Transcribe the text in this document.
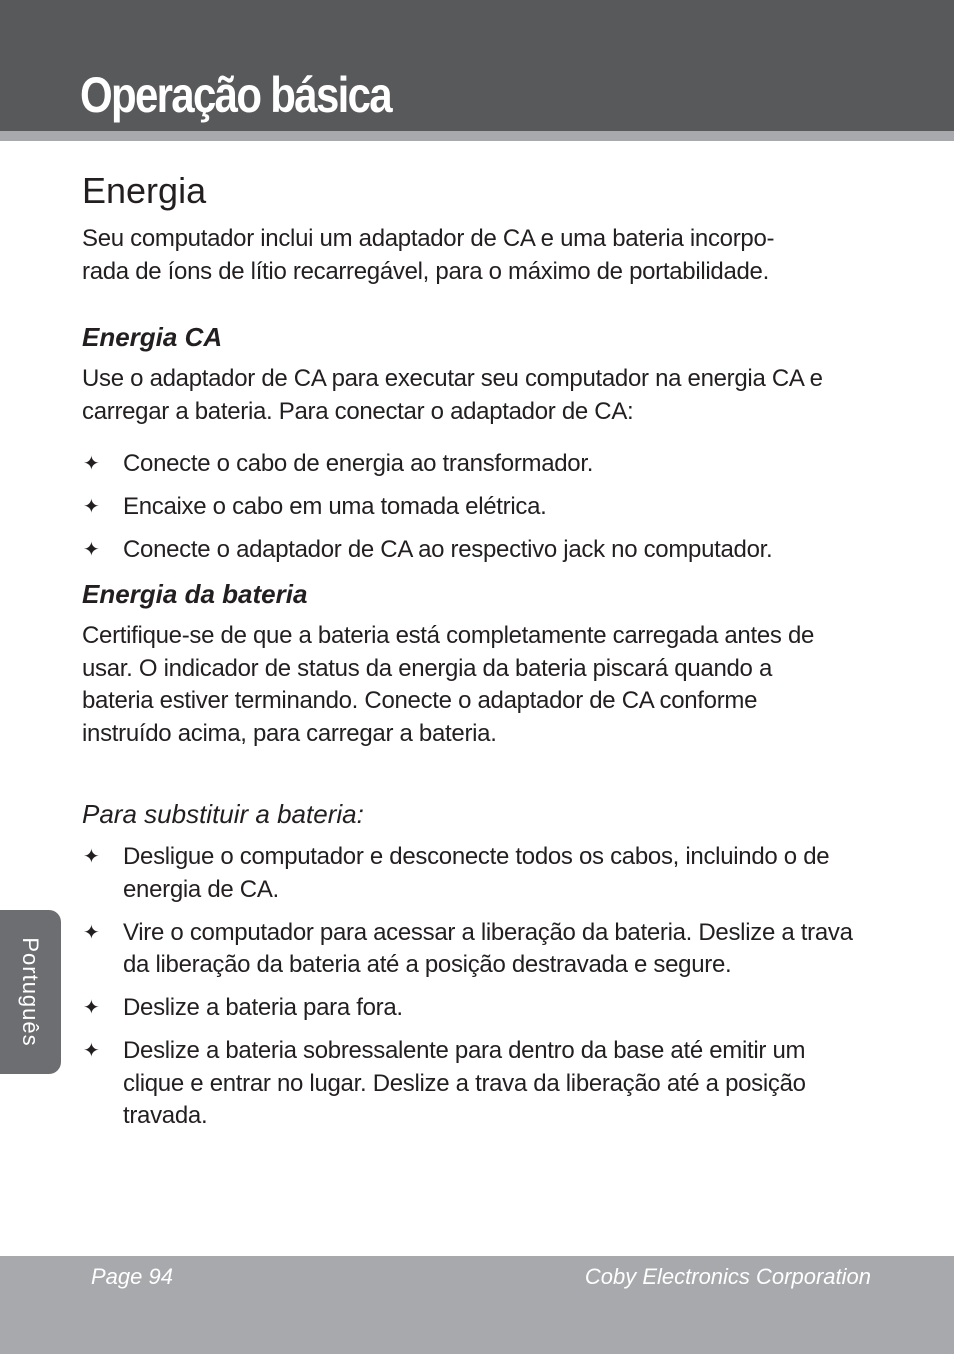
Operação básica
Energia

Seu computador inclui um adaptador de CA e uma bateria incorpo-
rada de íons de lítio recarregável, para o máximo de portabilidade.

Energia CA

Use o adaptador de CA para executar seu computador na energia CA e carregar a bateria. Para conectar o adaptador de CA:

✦ Conecte o cabo de energia ao transformador.
✦ Encaixe o cabo em uma tomada elétrica.
✦ Conecte o adaptador de CA ao respectivo jack no computador.
Energia da bateria

Certifique-se de que a bateria está completamente carregada antes de usar. O indicador de status da energia da bateria piscará quando a bateria estiver terminando. Conecte o adaptador de CA conforme instruído acima, para carregar a bateria.

Para substituir a bateria:
✦ Desligue o computador e desconecte todos os cabos, incluindo o de energia de CA.
✦ Vire o computador para acessar a liberação da bateria. Deslize a trava da liberação da bateria até a posição destravada e segure.
✦ Deslize a bateria para fora.
✦ Deslize a bateria sobressalente para dentro da base até emitir um clique e entrar no lugar. Deslize a trava da liberação até a posição travada.
Português
Page 94	Coby Electronics Corporation
